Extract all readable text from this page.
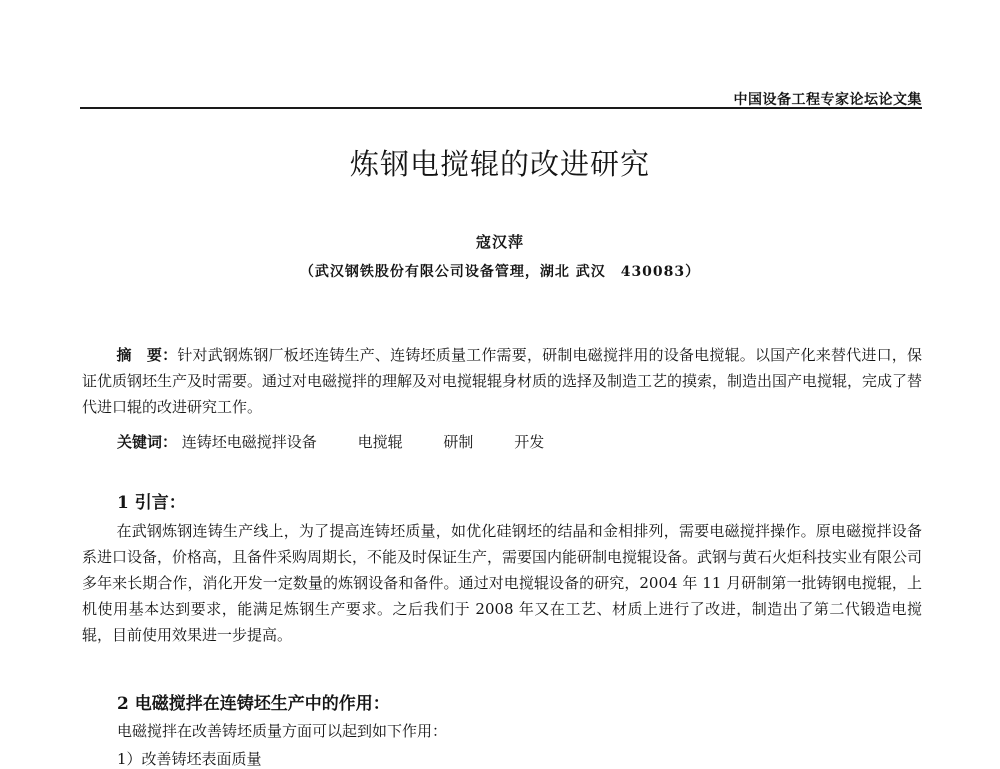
中国设备工程专家论坛论文集
炼钢电搅辊的改进研究
寇汉萍
（武汉钢铁股份有限公司设备管理，湖北 武汉　430083）
摘　要：针对武钢炼钢厂板坯连铸生产、连铸坯质量工作需要，研制电磁搅拌用的设备电搅辊。以国产化来替代进口，保证优质钢坯生产及时需要。通过对电磁搅拌的理解及对电搅辊辊身材质的选择及制造工艺的摸索，制造出国产电搅辊，完成了替代进口辊的改进研究工作。
关键词： 连铸坯电磁搅拌设备	电搅辊	研制	开发
1 引言：
在武钢炼钢连铸生产线上，为了提高连铸坯质量，如优化硅钢坯的结晶和金相排列，需要电磁搅拌操作。原电磁搅拌设备系进口设备，价格高，且备件采购周期长，不能及时保证生产，需要国内能研制电搅辊设备。武钢与黄石火炬科技实业有限公司多年来长期合作，消化开发一定数量的炼钢设备和备件。通过对电搅辊设备的研究，2004 年 11 月研制第一批铸钢电搅辊，上机使用基本达到要求，能满足炼钢生产要求。之后我们于 2008 年又在工艺、材质上进行了改进，制造出了第二代锻造电搅辊，目前使用效果进一步提高。
2 电磁搅拌在连铸坯生产中的作用：
电磁搅拌在改善铸坯质量方面可以起到如下作用：
1）改善铸坯表面质量
